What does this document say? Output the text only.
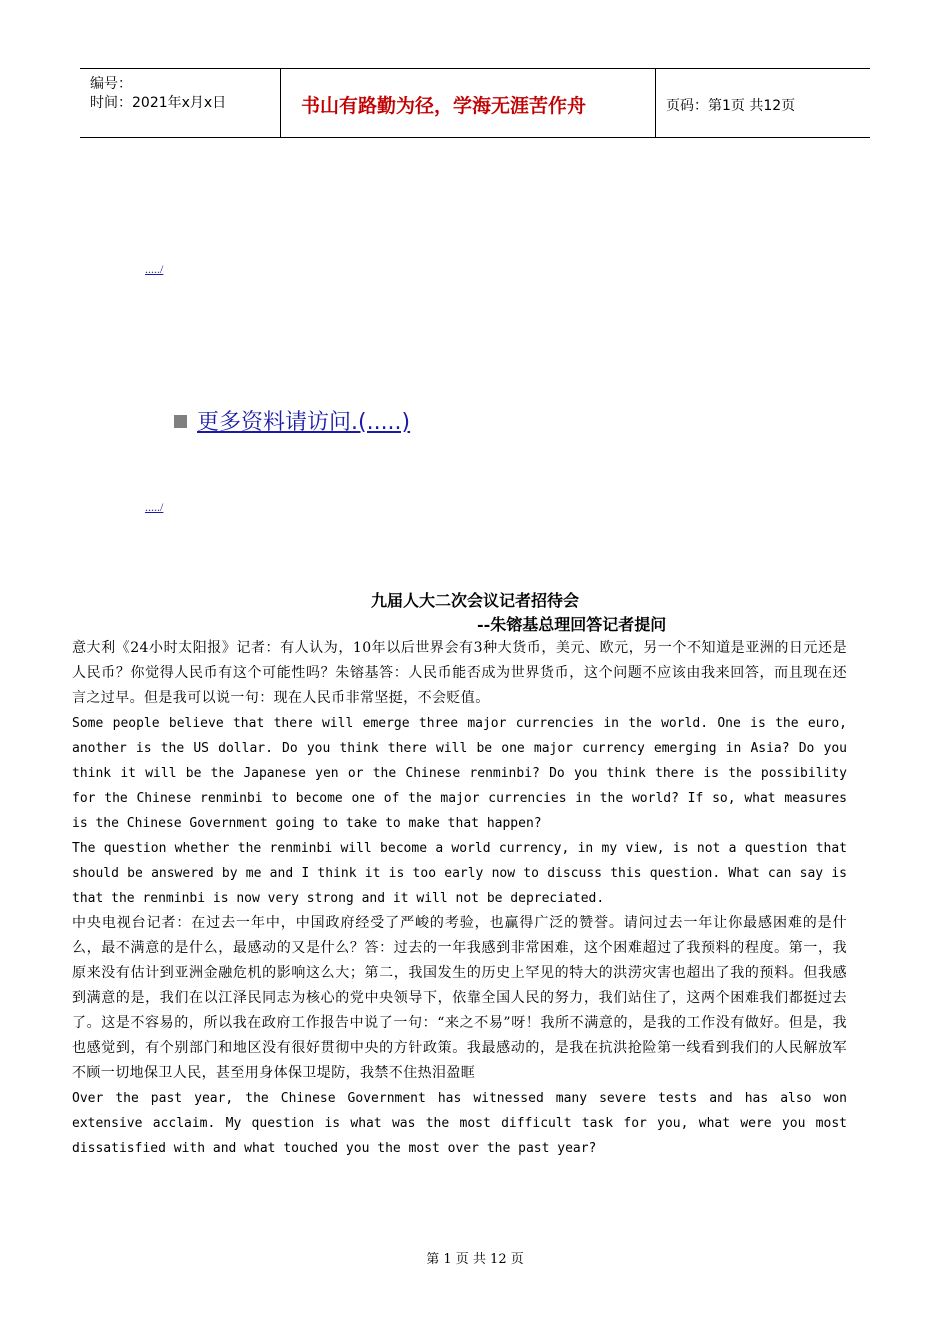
编号：
时间：2021年x月x日	书山有路勤为径，学海无涯苦作舟	页码：第1页 共12页
...../
更多资料请访问.(.....)
...../
九届人大二次会议记者招待会
--朱镕基总理回答记者提问

意大利《24小时太阳报》记者：有人认为，10年以后世界会有3种大货币，美元、欧元，另一个不知道是亚洲的日元还是人民币？你觉得人民币有这个可能性吗？朱镕基答：人民币能否成为世界货币，这个问题不应该由我来回答，而且现在还言之过早。但是我可以说一句：现在人民币非常坚挺，不会贬值。

Some people believe that there will emerge three major currencies in the world. One is the euro, another is the US dollar. Do you think there will be one major currency emerging in Asia? Do you think it will be the Japanese yen or the Chinese renminbi? Do you think there is the possibility for the Chinese renminbi to become one of the major currencies in the world? If so, what measures is the Chinese Government going to take to make that happen?

The question whether the renminbi will become a world currency, in my view, is not a question that should be answered by me and I think it is too early now to discuss this question. What can say is that the renminbi is now very strong and it will not be depreciated.

中央电视台记者：在过去一年中，中国政府经受了严峻的考验，也赢得广泛的赞誉。请问过去一年让你最感困难的是什么，最不满意的是什么，最感动的又是什么？答：过去的一年我感到非常困难，这个困难超过了我预料的程度。第一，我原来没有估计到亚洲金融危机的影响这么大；第二，我国发生的历史上罕见的特大的洪涝灾害也超出了我的预料。但我感到满意的是，我们在以江泽民同志为核心的党中央领导下，依靠全国人民的努力，我们站住了，这两个困难我们都挺过去了。这是不容易的，所以我在政府工作报告中说了一句：“来之不易”呀！我所不满意的，是我的工作没有做好。但是，我也感觉到，有个别部门和地区没有很好贯彻中央的方针政策。我最感动的，是我在抗洪抢险第一线看到我们的人民解放军不顾一切地保卫人民，甚至用身体保卫堤防，我禁不住热泪盈眶

Over the past year, the Chinese Government has witnessed many severe tests and has also won extensive acclaim. My question is what was the most difficult task for you, what were you most dissatisfied with and what touched you the most over the past year?

第 1 页 共 12 页
